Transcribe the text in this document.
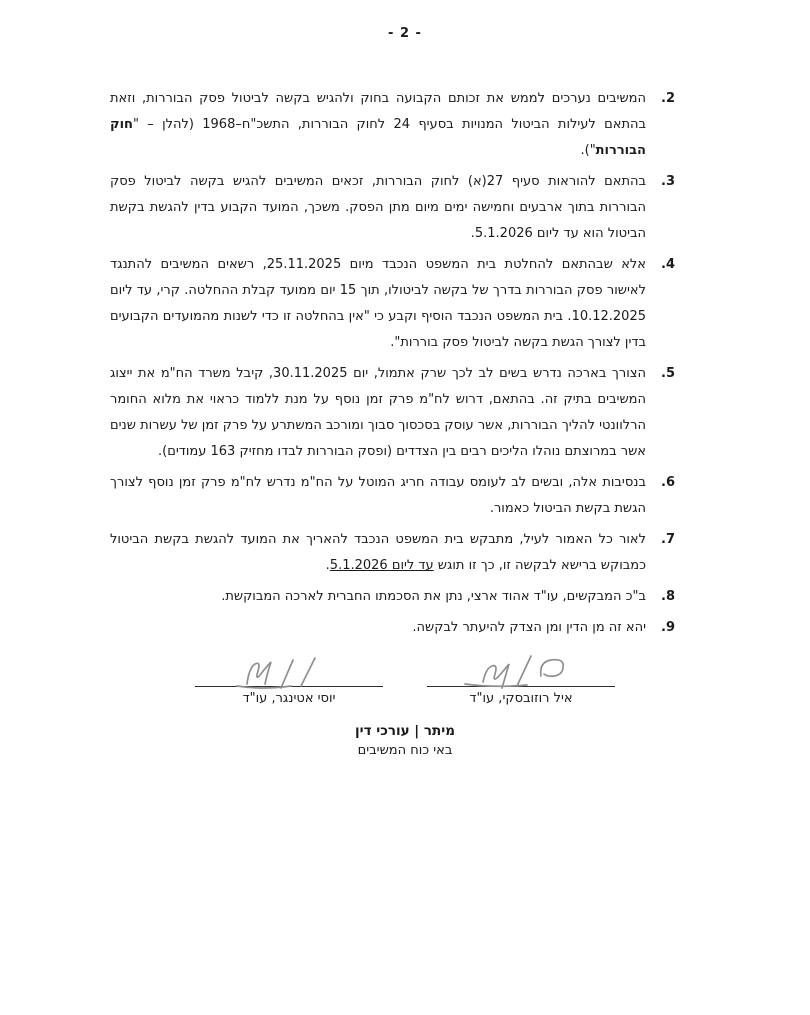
- 2 -
2.
המשיבים נערכים לממש את זכותם הקבועה בחוק ולהגיש בקשה לביטול פסק הבוררות, וזאת בהתאם לעילות הביטול המנויות בסעיף 24 לחוק הבוררות, התשכ"ח–1968 (להלן – "חוק הבוררות").
3.
בהתאם להוראות סעיף 27(א) לחוק הבוררות, זכאים המשיבים להגיש בקשה לביטול פסק הבוררות בתוך ארבעים וחמישה ימים מיום מתן הפסק. משכך, המועד הקבוע בדין להגשת בקשת הביטול הוא עד ליום 5.1.2026.
4.
אלא שבהתאם להחלטת בית המשפט הנכבד מיום 25.11.2025, רשאים המשיבים להתנגד לאישור פסק הבוררות בדרך של בקשה לביטולו, תוך 15 יום ממועד קבלת ההחלטה. קרי, עד ליום 10.12.2025. בית המשפט הנכבד הוסיף וקבע כי "אין בהחלטה זו כדי לשנות מהמועדים הקבועים בדין לצורך הגשת בקשה לביטול פסק בוררות".
5.
הצורך בארכה נדרש בשים לב לכך שרק אתמול, יום 30.11.2025, קיבל משרד הח"מ את ייצוג המשיבים בתיק זה. בהתאם, דרוש לח"מ פרק זמן נוסף על מנת ללמוד כראוי את מלוא החומר הרלוונטי להליך הבוררות, אשר עוסק בסכסוך סבוך ומורכב המשתרע על פרק זמן של עשרות שנים אשר במרוצתם נוהלו הליכים רבים בין הצדדים (ופסק הבוררות לבדו מחזיק 163 עמודים).
6.
בנסיבות אלה, ובשים לב לעומס עבודה חריג המוטל על הח"מ נדרש לח"מ פרק זמן נוסף לצורך הגשת בקשת הביטול כאמור.
7.
לאור כל האמור לעיל, מתבקש בית המשפט הנכבד להאריך את המועד להגשת בקשת הביטול כמבוקש ברישא לבקשה זו, כך זו תוגש עד ליום 5.1.2026.
8.
ב"כ המבקשים, עו"ד אהוד ארצי, נתן את הסכמתו החברית לארכה המבוקשת.
9.
יהא זה מן הדין ומן הצדק להיעתר לבקשה.
איל רוזובסקי, עו"ד
יוסי אטינגר, עו"ד
מיתר | עורכי דין
באי כוח המשיבים
